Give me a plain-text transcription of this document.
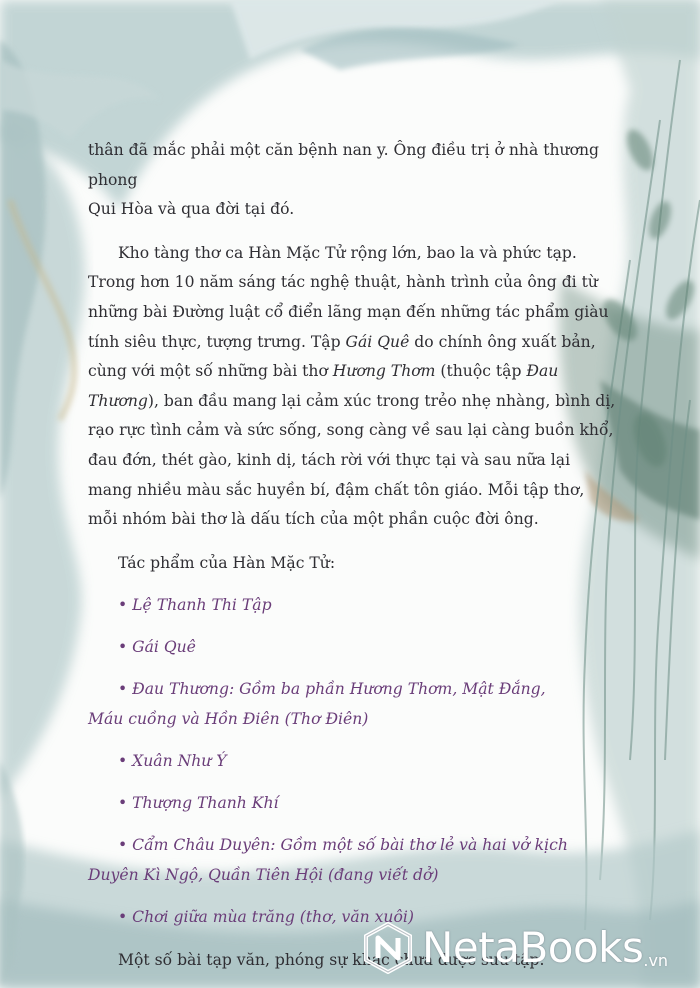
thân đã mắc phải một căn bệnh nan y. Ông điều trị ở nhà thương phong
Qui Hòa và qua đời tại đó.

Kho tàng thơ ca Hàn Mặc Tử rộng lớn, bao la và phức tạp. Trong hơn 10 năm sáng tác nghệ thuật, hành trình của ông đi từ những bài Đường luật cổ điển lãng mạn đến những tác phẩm giàu tính siêu thực, tượng trưng. Tập Gái Quê do chính ông xuất bản, cùng với một số những bài thơ Hương Thơm (thuộc tập Đau Thương), ban đầu mang lại cảm xúc trong trẻo nhẹ nhàng, bình dị, rạo rực tình cảm và sức sống, song càng về sau lại càng buồn khổ, đau đớn, thét gào, kinh dị, tách rời với thực tại và sau nữa lại mang nhiều màu sắc huyền bí, đậm chất tôn giáo. Mỗi tập thơ, mỗi nhóm bài thơ là dấu tích của một phần cuộc đời ông.

Tác phẩm của Hàn Mặc Tử:

• Lệ Thanh Thi Tập

• Gái Quê

• Đau Thương: Gồm ba phần Hương Thơm, Mật Đắng,
Máu cuồng và Hồn Điên (Thơ Điên)

• Xuân Như Ý

• Thượng Thanh Khí

• Cẩm Châu Duyên: Gồm một số bài thơ lẻ và hai vở kịch
Duyên Kì Ngộ, Quần Tiên Hội (đang viết dở)

• Chơi giữa mùa trăng (thơ, văn xuôi)

Một số bài tạp văn, phóng sự khác chưa được sưu tập.

NetaBooks .vn
